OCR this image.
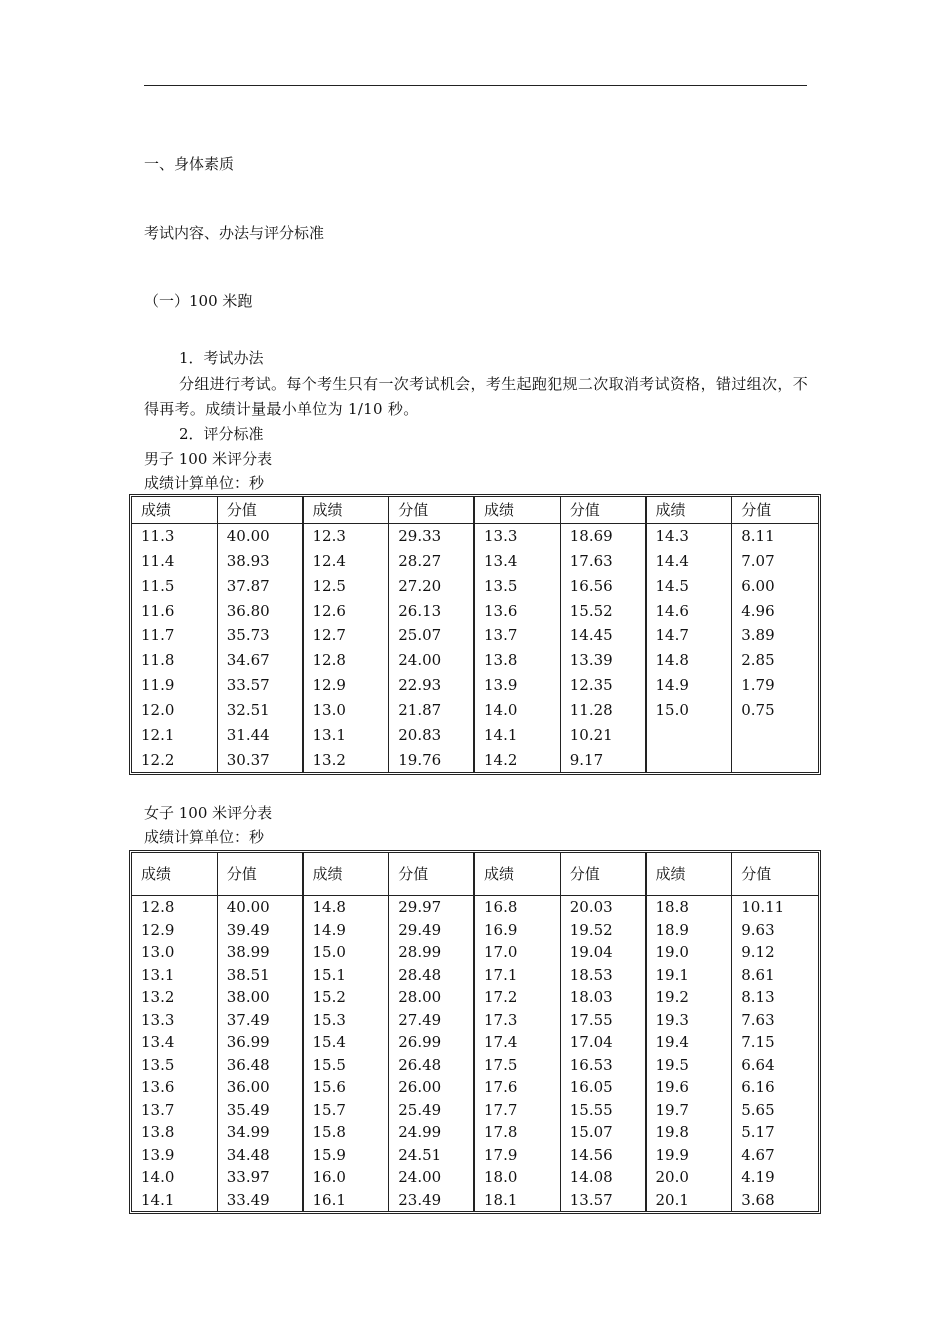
一、身体素质
考试内容、办法与评分标准
（一）100 米跑
1．考试办法
分组进行考试。每个考生只有一次考试机会，考生起跑犯规二次取消考试资格，错过组次，不得再考。成绩计量最小单位为 1/10 秒。
2．评分标准
男子 100 米评分表
成绩计算单位：秒
成绩	分值	成绩	分值	成绩	分值	成绩	分值
11.3	40.00	12.3	29.33	13.3	18.69	14.3	8.11
11.4	38.93	12.4	28.27	13.4	17.63	14.4	7.07
11.5	37.87	12.5	27.20	13.5	16.56	14.5	6.00
11.6	36.80	12.6	26.13	13.6	15.52	14.6	4.96
11.7	35.73	12.7	25.07	13.7	14.45	14.7	3.89
11.8	34.67	12.8	24.00	13.8	13.39	14.8	2.85
11.9	33.57	12.9	22.93	13.9	12.35	14.9	1.79
12.0	32.51	13.0	21.87	14.0	11.28	15.0	0.75
12.1	31.44	13.1	20.83	14.1	10.21		
12.2	30.37	13.2	19.76	14.2	9.17		
女子 100 米评分表
成绩计算单位：秒
成绩	分值	成绩	分值	成绩	分值	成绩	分值
12.8	40.00	14.8	29.97	16.8	20.03	18.8	10.11
12.9	39.49	14.9	29.49	16.9	19.52	18.9	9.63
13.0	38.99	15.0	28.99	17.0	19.04	19.0	9.12
13.1	38.51	15.1	28.48	17.1	18.53	19.1	8.61
13.2	38.00	15.2	28.00	17.2	18.03	19.2	8.13
13.3	37.49	15.3	27.49	17.3	17.55	19.3	7.63
13.4	36.99	15.4	26.99	17.4	17.04	19.4	7.15
13.5	36.48	15.5	26.48	17.5	16.53	19.5	6.64
13.6	36.00	15.6	26.00	17.6	16.05	19.6	6.16
13.7	35.49	15.7	25.49	17.7	15.55	19.7	5.65
13.8	34.99	15.8	24.99	17.8	15.07	19.8	5.17
13.9	34.48	15.9	24.51	17.9	14.56	19.9	4.67
14.0	33.97	16.0	24.00	18.0	14.08	20.0	4.19
14.1	33.49	16.1	23.49	18.1	13.57	20.1	3.68
